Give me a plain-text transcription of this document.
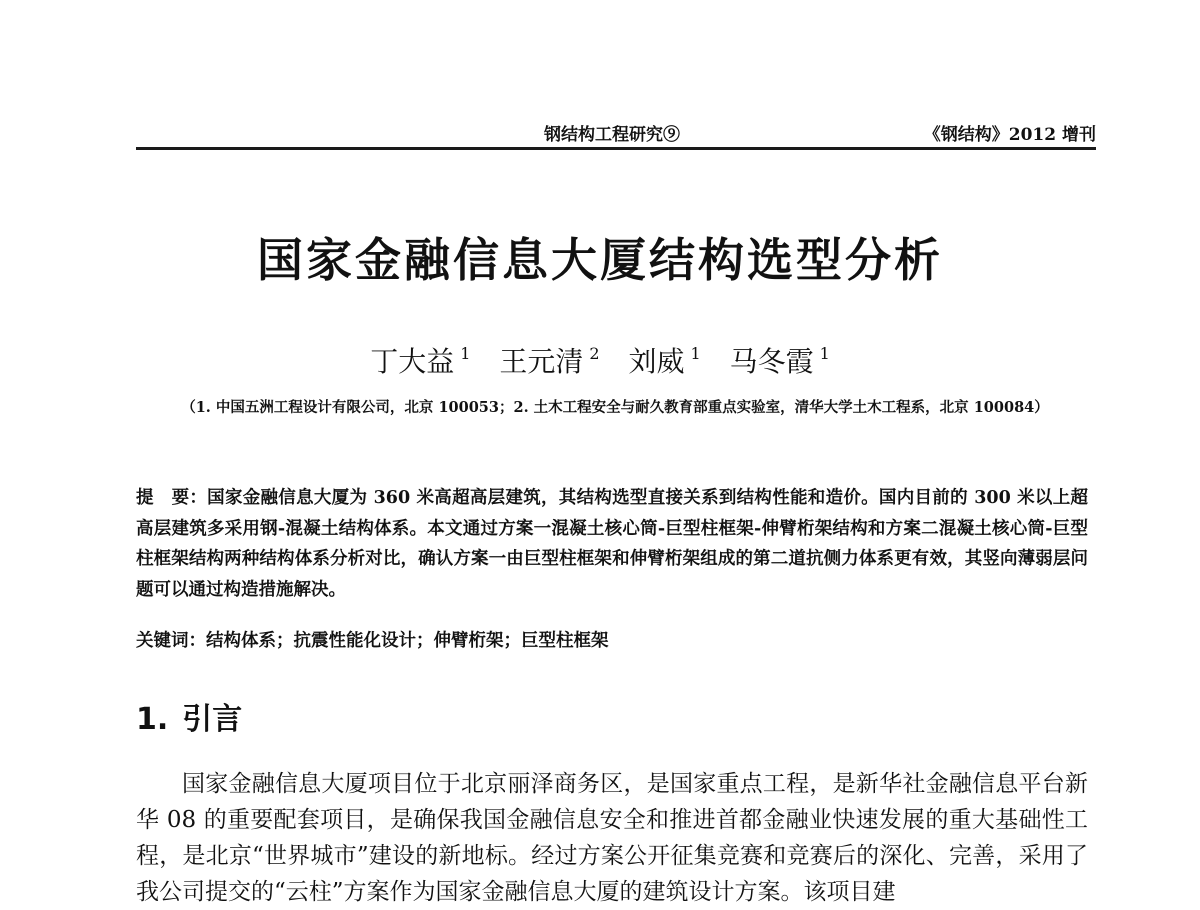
钢结构工程研究⑨	《钢结构》2012 增刊
国家金融信息大厦结构选型分析
丁大益 $^1$ 王元清 $^2$ 刘威 $^1$ 马冬霞 $^1$
（1. 中国五洲工程设计有限公司，北京 100053；2. 土木工程安全与耐久教育部重点实验室，清华大学土木工程系，北京 100084）
提　要：国家金融信息大厦为 360 米高超高层建筑，其结构选型直接关系到结构性能和造价。国内目前的 300 米以上超高层建筑多采用钢-混凝土结构体系。本文通过方案一混凝土核心筒-巨型柱框架-伸臂桁架结构和方案二混凝土核心筒-巨型柱框架结构两种结构体系分析对比，确认方案一由巨型柱框架和伸臂桁架组成的第二道抗侧力体系更有效，其竖向薄弱层问题可以通过构造措施解决。
关键词：结构体系；抗震性能化设计；伸臂桁架；巨型柱框架
1. 引言

国家金融信息大厦项目位于北京丽泽商务区，是国家重点工程，是新华社金融信息平台新华 08 的重要配套项目，是确保我国金融信息安全和推进首都金融业快速发展的重大基础性工程，是北京“世界城市”建设的新地标。经过方案公开征集竞赛和竞赛后的深化、完善，采用了我公司提交的“云柱”方案作为国家金融信息大厦的建筑设计方案。该项目建
